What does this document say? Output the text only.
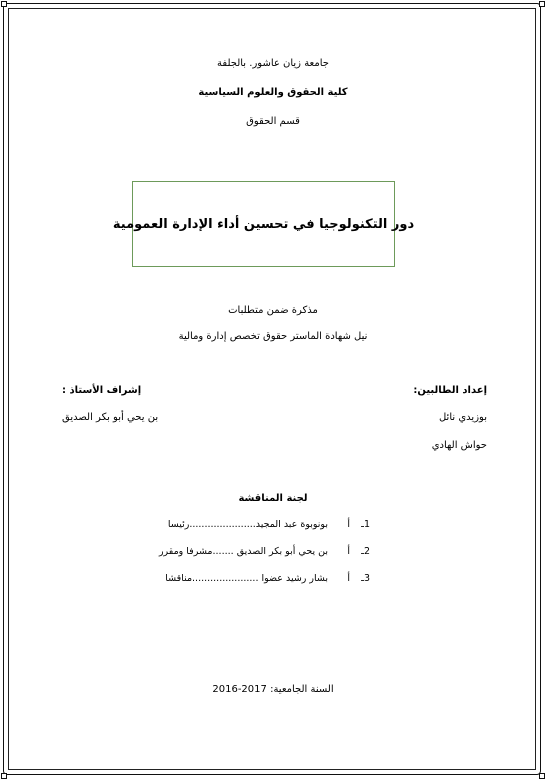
جامعة زيان عاشور. بالجلفة
كلية الحقوق والعلوم السياسية
قسم الحقوق
دور التكنولوجيا في تحسين أداء الإدارة العمومية
مذكرة ضمن متطلبات
نيل شهادة الماستر حقوق تخصص إدارة ومالية
إعداد الطالبين:
بوزيدي نائل
حواش الهادي
إشراف الأستاذ :
بن يحي أبو بكر الصديق
لجنة المناقشة
1ـأبونوبوة عبد المجيد......................رئيسا
2ـأبن يحي أبو بكر الصديق .......مشرفا ومقرر
3ـأبشار رشيد عضوا ......................مناقشا
السنة الجامعية: 2016-2017
